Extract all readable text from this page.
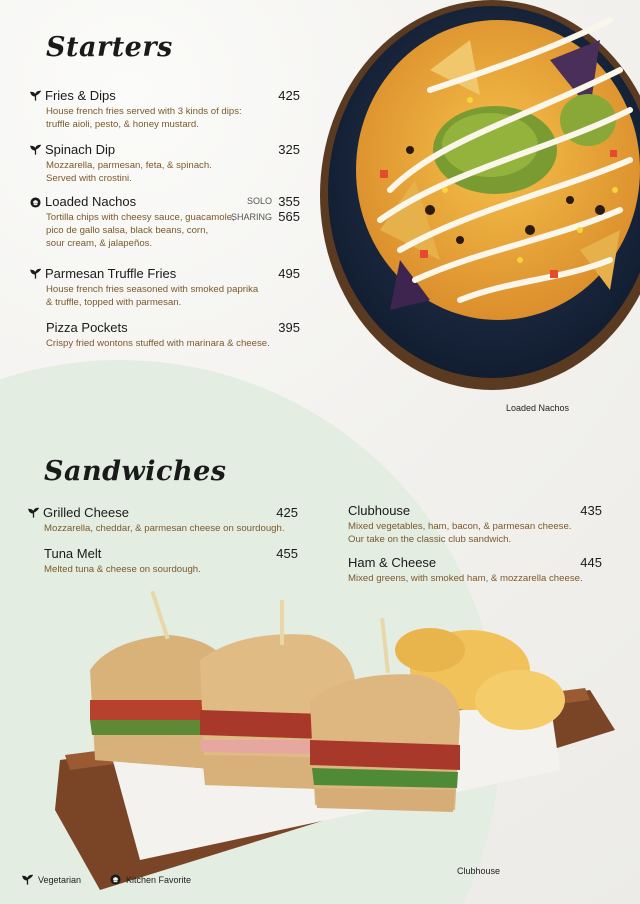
Starters
Fries & Dips
House french fries served with 3 kinds of dips:
truffle aioli, pesto, & honey mustard.
425
Spinach Dip
Mozzarella, parmesan, feta, & spinach.
Served with crostini.
325
Loaded Nachos
Tortilla chips with cheesy sauce, guacamole,
pico de gallo salsa, black beans, corn,
sour cream, & jalapeños.
SOLO 355
SHARING 565
Parmesan Truffle Fries
House french fries seasoned with smoked paprika
& truffle, topped with parmesan.
495
Pizza Pockets
Crispy fried wontons stuffed with marinara & cheese.
395
Loaded Nachos
Sandwiches
Grilled Cheese
Mozzarella, cheddar, & parmesan cheese on sourdough.
425
Tuna Melt
Melted tuna & cheese on sourdough.
455
Clubhouse
Mixed vegetables, ham, bacon, & parmesan cheese.
Our take on the classic club sandwich.
435
Ham & Cheese
Mixed greens, with smoked ham, & mozzarella cheese.
445
Clubhouse
Vegetarian	Kitchen Favorite
